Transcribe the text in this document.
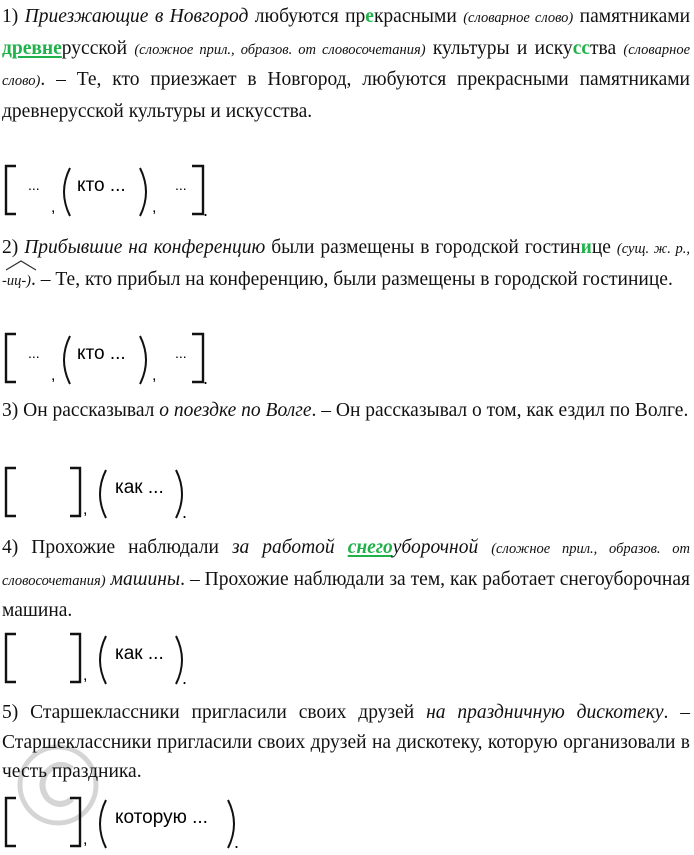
1) Приезжающие в Новгород любуются прекрасными (словарное слово) памятниками древнерусской (сложное прил., образов. от словосочетания) культуры и искусства (словарное слово). – Те, кто приезжает в Новгород, любуются прекрасными памятниками древнерусской культуры и искусства.

...
,
кто ...
,
...
.

2) Прибывшие на конференцию были размещены в городской гостинице (сущ. ж. р.,
-иц-). – Те, кто прибыл на конференцию, были размещены в городской гостинице.

...
,
кто ...
,
...
.

3) Он рассказывал о поездке по Волге. – Он рассказывал о том, как ездил по Волге.

,
как ...
.

4) Прохожие наблюдали за работой снегоуборочной (сложное прил., образов. от словосочетания) машины. – Прохожие наблюдали за тем, как работает снегоуборочная машина.

,
как ...
.

5) Старшеклассники пригласили своих друзей на праздничную дискотеку. – Старшеклассники пригласили своих друзей на дискотеку, которую организовали в честь праздника.

,
которую ...
.
